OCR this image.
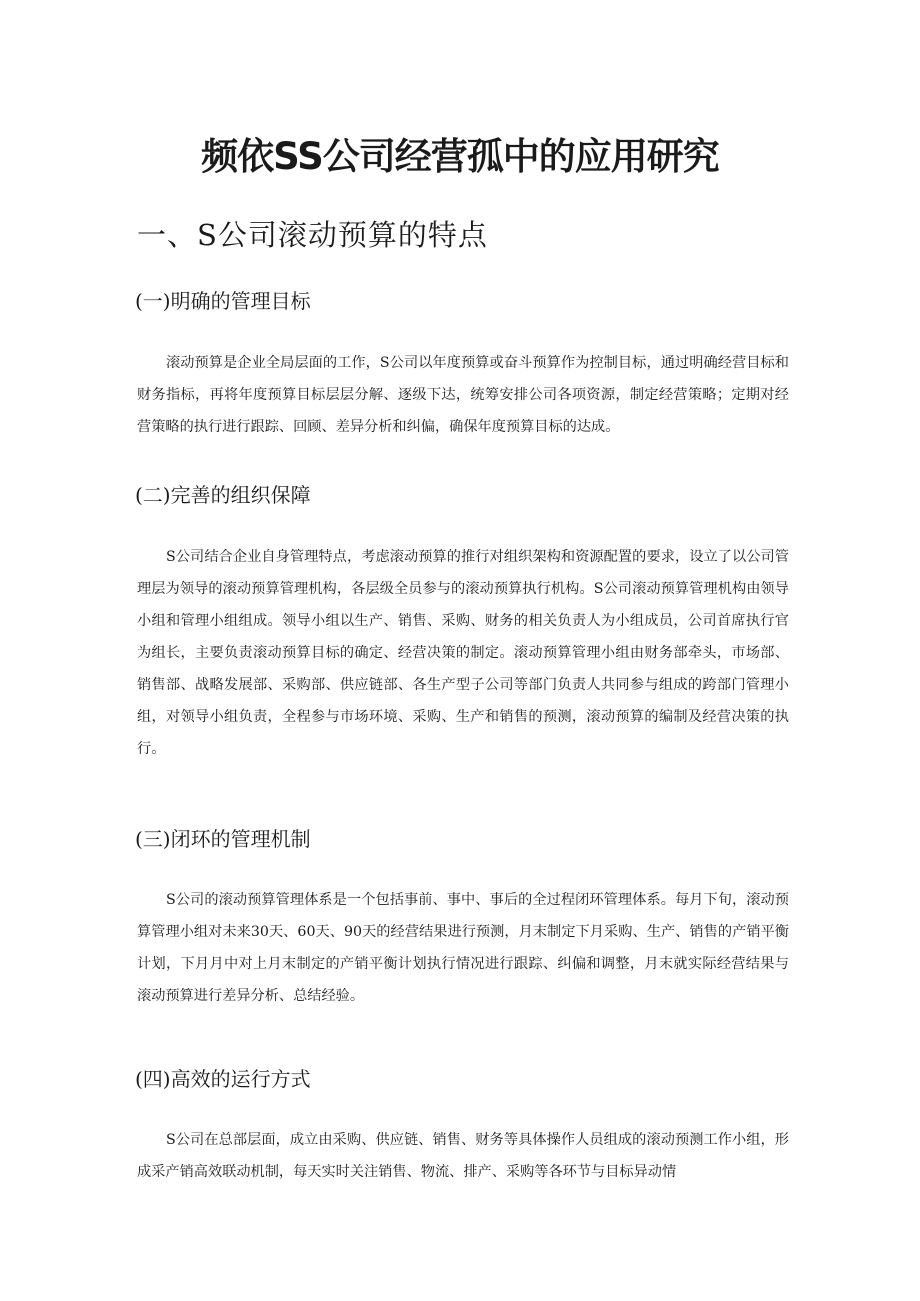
频依SS公司经营孤中的应用研究
一、S公司滚动预算的特点
(一)明确的管理目标

滚动预算是企业全局层面的工作，S公司以年度预算或奋斗预算作为控制目标，通过明确经营目标和财务指标，再将年度预算目标层层分解、逐级下达，统筹安排公司各项资源，制定经营策略；定期对经营策略的执行进行跟踪、回顾、差异分析和纠偏，确保年度预算目标的达成。

(二)完善的组织保障

S公司结合企业自身管理特点，考虑滚动预算的推行对组织架构和资源配置的要求，设立了以公司管理层为领导的滚动预算管理机构，各层级全员参与的滚动预算执行机构。S公司滚动预算管理机构由领导小组和管理小组组成。领导小组以生产、销售、采购、财务的相关负责人为小组成员，公司首席执行官为组长，主要负责滚动预算目标的确定、经营决策的制定。滚动预算管理小组由财务部牵头，市场部、销售部、战略发展部、采购部、供应链部、各生产型子公司等部门负责人共同参与组成的跨部门管理小组，对领导小组负责，全程参与市场环境、采购、生产和销售的预测，滚动预算的编制及经营决策的执行。

(三)闭环的管理机制

S公司的滚动预算管理体系是一个包括事前、事中、事后的全过程闭环管理体系。每月下旬，滚动预算管理小组对未来30天、60天、90天的经营结果进行预测，月末制定下月采购、生产、销售的产销平衡计划，下月月中对上月末制定的产销平衡计划执行情况进行跟踪、纠偏和调整，月末就实际经营结果与滚动预算进行差异分析、总结经验。

(四)高效的运行方式

S公司在总部层面，成立由采购、供应链、销售、财务等具体操作人员组成的滚动预测工作小组，形成采产销高效联动机制，每天实时关注销售、物流、排产、采购等各环节与目标异动情
